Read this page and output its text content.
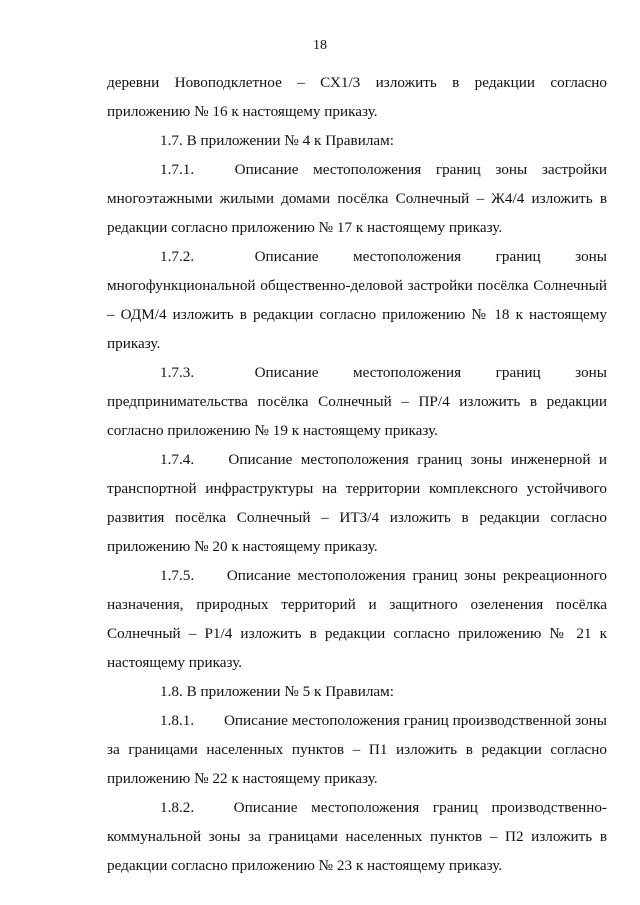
18

деревни Новоподклетное – СХ1/3 изложить в редакции согласно приложению № 16 к настоящему приказу.

1.7. В приложении № 4 к Правилам:

1.7.1.	Описание местоположения границ зоны застройки многоэтажными жилыми домами посёлка Солнечный – Ж4/4 изложить в редакции согласно приложению № 17 к настоящему приказу.

1.7.2.	Описание местоположения границ зоны многофункциональной общественно-деловой застройки посёлка Солнечный – ОДМ/4 изложить в редакции согласно приложению № 18 к настоящему приказу.

1.7.3.	Описание местоположения границ зоны предпринимательства посёлка Солнечный – ПР/4 изложить в редакции согласно приложению № 19 к настоящему приказу.

1.7.4. Описание местоположения границ зоны инженерной и транспортной инфраструктуры на территории комплексного устойчивого развития посёлка Солнечный – ИТЗ/4 изложить в редакции согласно приложению № 20 к настоящему приказу.

1.7.5. Описание местоположения границ зоны рекреационного назначения, природных территорий и защитного озеленения посёлка Солнечный – Р1/4 изложить в редакции согласно приложению № 21 к настоящему приказу.

1.8. В приложении № 5 к Правилам:

1.8.1. Описание местоположения границ производственной зоны за границами населенных пунктов – П1 изложить в редакции согласно приложению № 22 к настоящему приказу.

1.8.2.	Описание местоположения границ производственно-коммунальной зоны за границами населенных пунктов – П2 изложить в редакции согласно приложению № 23 к настоящему приказу.
